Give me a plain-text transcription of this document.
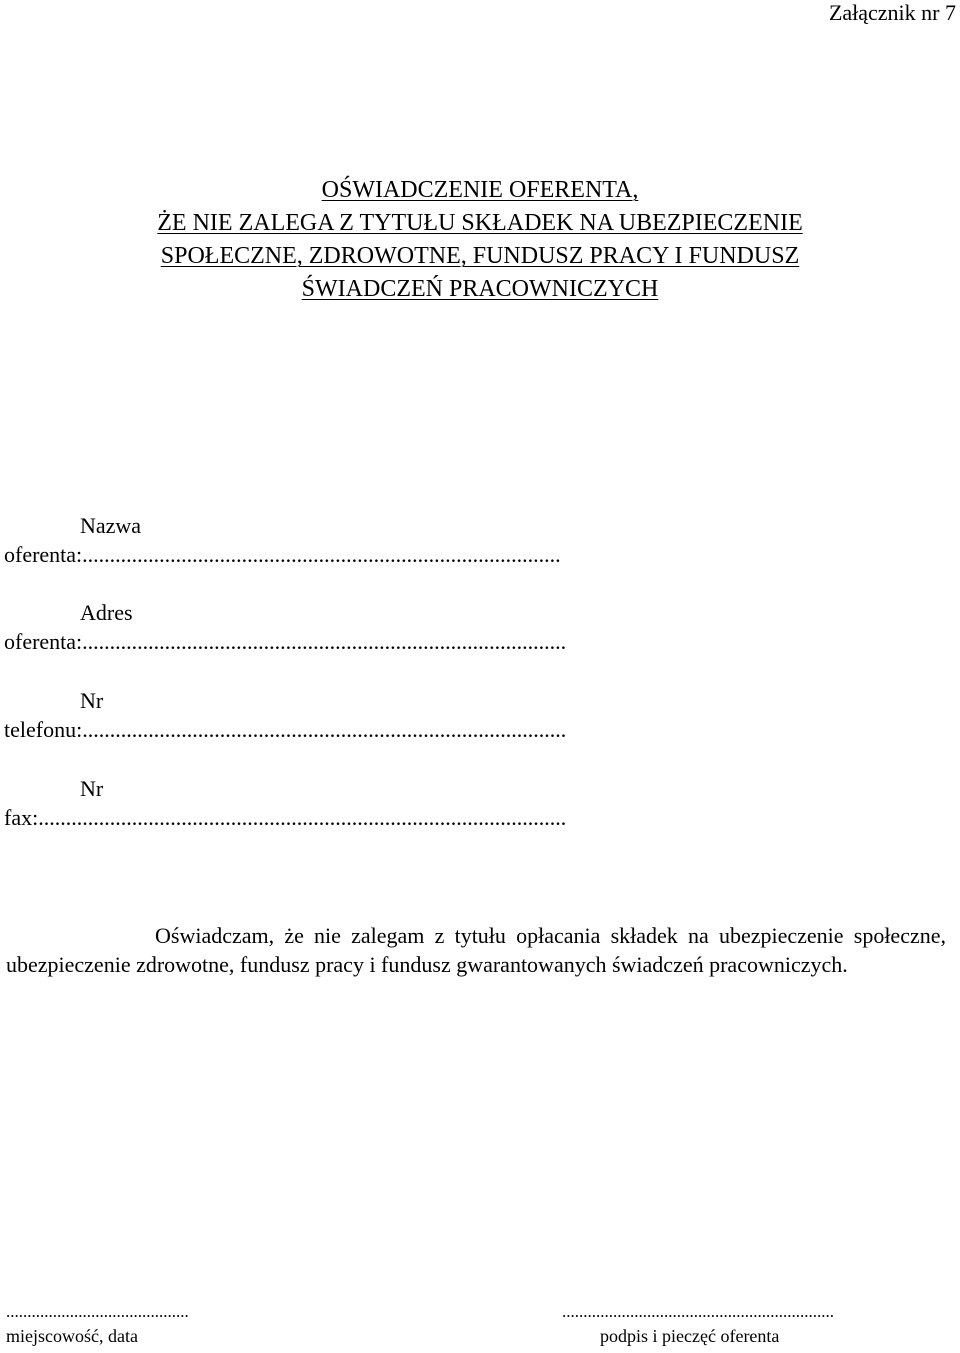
Załącznik nr 7
OŚWIADCZENIE OFERENTA,
ŻE NIE ZALEGA Z TYTUŁU SKŁADEK NA UBEZPIECZENIE
SPOŁECZNE, ZDROWOTNE, FUNDUSZ PRACY I FUNDUSZ
ŚWIADCZEŃ PRACOWNICZYCH
Nazwa
oferenta:.......................................................................................
Adres
oferenta:........................................................................................
Nr
telefonu:........................................................................................
Nr
fax:................................................................................................
Oświadczam, że nie zalegam z tytułu opłacania składek na ubezpieczenie społeczne, ubezpieczenie zdrowotne, fundusz pracy i fundusz gwarantowanych świadczeń pracowniczych.
...........................................
miejscowość, data
................................................................
podpis i pieczęć oferenta
